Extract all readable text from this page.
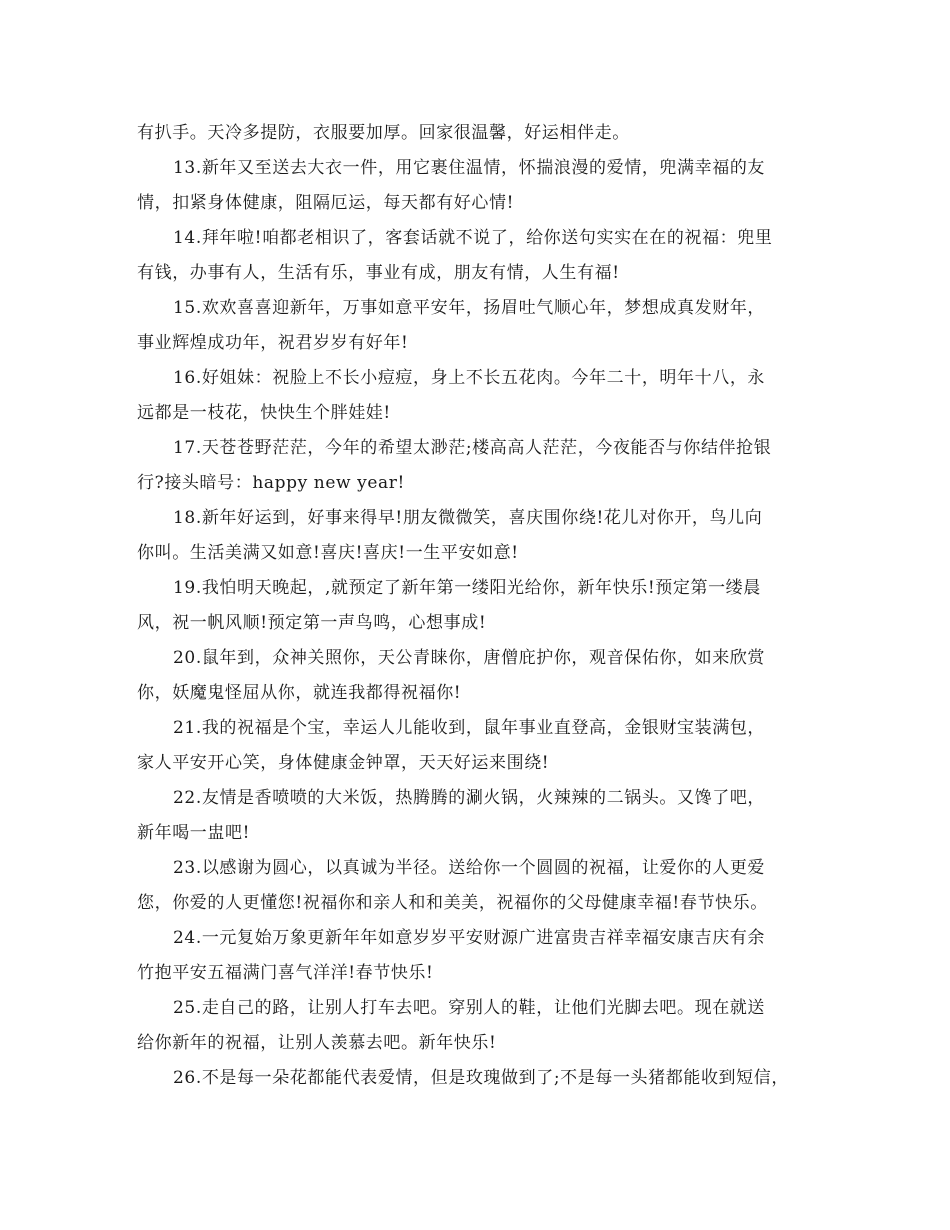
有扒手。天冷多提防，衣服要加厚。回家很温馨，好运相伴走。
13.新年又至送去大衣一件，用它裹住温情，怀揣浪漫的爱情，兜满幸福的友
情，扣紧身体健康，阻隔厄运，每天都有好心情!
14.拜年啦!咱都老相识了，客套话就不说了，给你送句实实在在的祝福：兜里
有钱，办事有人，生活有乐，事业有成，朋友有情，人生有福!
15.欢欢喜喜迎新年，万事如意平安年，扬眉吐气顺心年，梦想成真发财年，
事业辉煌成功年，祝君岁岁有好年!
16.好姐妹：祝脸上不长小痘痘，身上不长五花肉。今年二十，明年十八，永
远都是一枝花，快快生个胖娃娃!
17.天苍苍野茫茫，今年的希望太渺茫;楼高高人茫茫，今夜能否与你结伴抢银
行?接头暗号：happy new year!
18.新年好运到，好事来得早!朋友微微笑，喜庆围你绕!花儿对你开，鸟儿向
你叫。生活美满又如意!喜庆!喜庆!一生平安如意!
19.我怕明天晚起，,就预定了新年第一缕阳光给你，新年快乐!预定第一缕晨
风，祝一帆风顺!预定第一声鸟鸣，心想事成!
20.鼠年到，众神关照你，天公青睐你，唐僧庇护你，观音保佑你，如来欣赏
你，妖魔鬼怪屈从你，就连我都得祝福你!
21.我的祝福是个宝，幸运人儿能收到，鼠年事业直登高，金银财宝装满包，
家人平安开心笑，身体健康金钟罩，天天好运来围绕!
22.友情是香喷喷的大米饭，热腾腾的涮火锅，火辣辣的二锅头。又馋了吧，
新年喝一盅吧!
23.以感谢为圆心，以真诚为半径。送给你一个圆圆的祝福，让爱你的人更爱
您，你爱的人更懂您!祝福你和亲人和和美美，祝福你的父母健康幸福!春节快乐。
24.一元复始万象更新年年如意岁岁平安财源广进富贵吉祥幸福安康吉庆有余
竹抱平安五福满门喜气洋洋!春节快乐!
25.走自己的路，让别人打车去吧。穿别人的鞋，让他们光脚去吧。现在就送
给你新年的祝福，让别人羡慕去吧。新年快乐!
26.不是每一朵花都能代表爱情，但是玫瑰做到了;不是每一头猪都能收到短信，
